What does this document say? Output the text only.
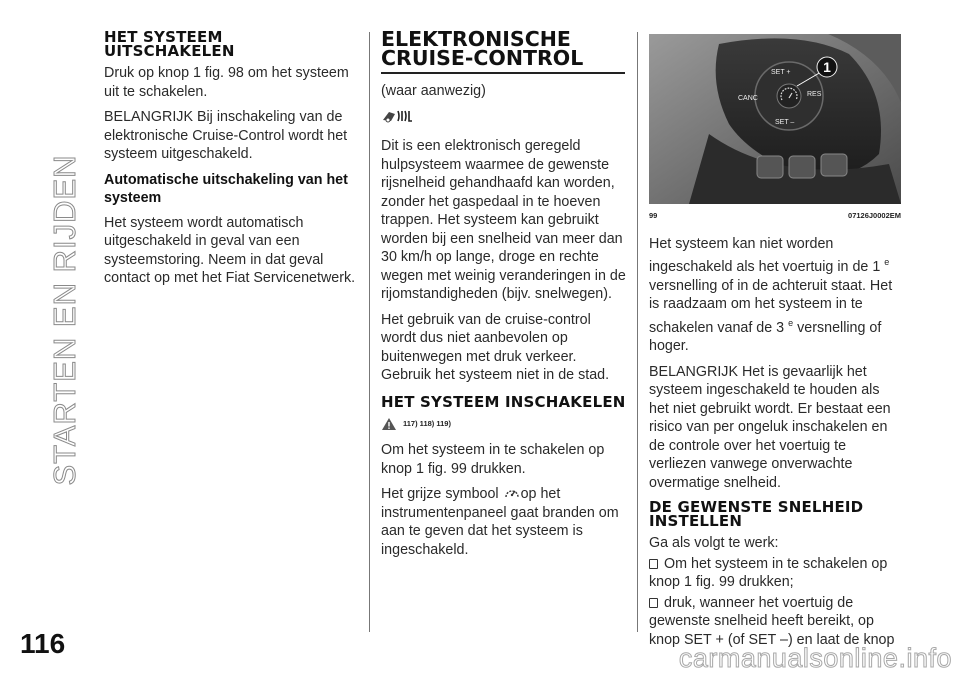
STARTEN EN RIJDEN
116	carmanualsonline.info
HET SYSTEEM UITSCHAKELEN

Druk op knop 1 fig. 98 om het systeem uit te schakelen.

BELANGRIJK Bij inschakeling van de elektronische Cruise-Control wordt het systeem uitgeschakeld.

Automatische uitschakeling van het systeem

Het systeem wordt automatisch uitgeschakeld in geval van een systeemstoring. Neem in dat geval contact op met het Fiat Servicenetwerk.

ELEKTRONISCHE CRUISE-CONTROL

(waar aanwezig)

Dit is een elektronisch geregeld hulpsysteem waarmee de gewenste rijsnelheid gehandhaafd kan worden, zonder het gaspedaal in te hoeven trappen. Het systeem kan gebruikt worden bij een snelheid van meer dan 30 km/h op lange, droge en rechte wegen met weinig veranderingen in de rijomstandigheden (bijv. snelwegen).

Het gebruik van de cruise-control wordt dus niet aanbevolen op buitenwegen met druk verkeer. Gebruik het systeem niet in de stad.

HET SYSTEEM INSCHAKELEN
117) 118) 119)

Om het systeem in te schakelen op knop 1 fig. 99 drukken.

Het grijze symbool op het instrumentenpaneel gaat branden om aan te geven dat het systeem is ingeschakeld.

1
SET +
CANC
RES
SET –
99	07126J0002EM

Het systeem kan niet worden ingeschakeld als het voertuig in de 1 $^e$ versnelling of in de achteruit staat. Het is raadzaam om het systeem in te schakelen vanaf de 3 $^e$ versnelling of hoger.

BELANGRIJK Het is gevaarlijk het systeem ingeschakeld te houden als het niet gebruikt wordt. Er bestaat een risico van per ongeluk inschakelen en de controle over het voertuig te verliezen vanwege onverwachte overmatige snelheid.

DE GEWENSTE SNELHEID INSTELLEN

Ga als volgt te werk:

Om het systeem in te schakelen op knop 1 fig. 99 drukken;

druk, wanneer het voertuig de gewenste snelheid heeft bereikt, op knop SET + (of SET –) en laat de knop
